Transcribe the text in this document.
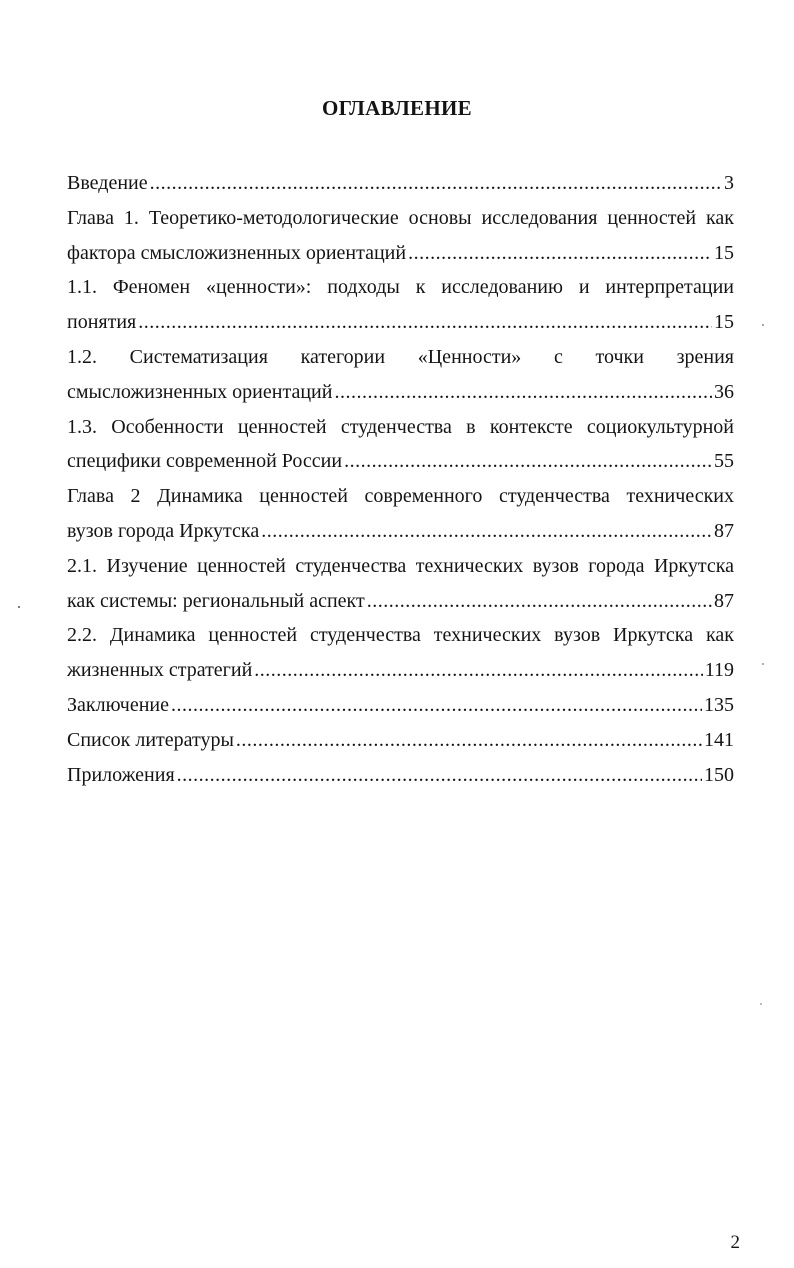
ОГЛАВЛЕНИЕ
Введение .....	3
Глава 1. Теоретико-методологические основы исследования ценностей как
фактора смысложизненных ориентаций .....	15
1.1. Феномен «ценности»: подходы к исследованию и интерпретации
понятия .....	15
1.2. Систематизация категории «Ценности» с точки зрения
смысложизненных ориентаций .....	36
1.3. Особенности ценностей студенчества в контексте социокультурной
специфики современной России .....	55
Глава 2 Динамика ценностей современного студенчества технических
вузов города Иркутска .....	87
2.1. Изучение ценностей студенчества технических вузов города Иркутска
как системы: региональный аспект .....	87
2.2. Динамика ценностей студенчества технических вузов Иркутска как
жизненных стратегий .....	119
Заключение .....	135
Список литературы .....	141
Приложения .....	150
2
